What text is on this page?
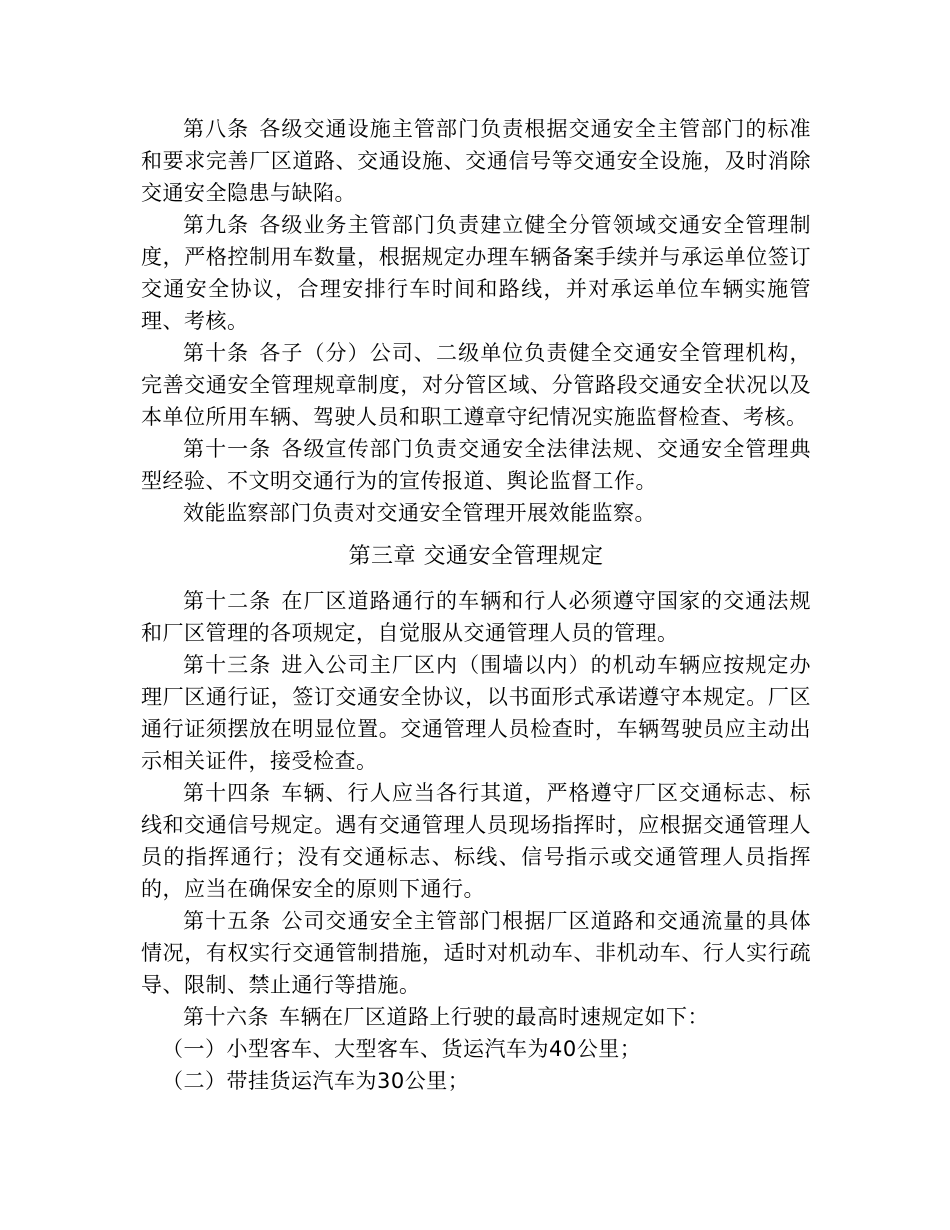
第八条 各级交通设施主管部门负责根据交通安全主管部门的标准和要求完善厂区道路、交通设施、交通信号等交通安全设施，及时消除交通安全隐患与缺陷。

第九条 各级业务主管部门负责建立健全分管领域交通安全管理制度，严格控制用车数量，根据规定办理车辆备案手续并与承运单位签订交通安全协议，合理安排行车时间和路线，并对承运单位车辆实施管理、考核。

第十条 各子（分）公司、二级单位负责健全交通安全管理机构，完善交通安全管理规章制度，对分管区域、分管路段交通安全状况以及本单位所用车辆、驾驶人员和职工遵章守纪情况实施监督检查、考核。

第十一条 各级宣传部门负责交通安全法律法规、交通安全管理典型经验、不文明交通行为的宣传报道、舆论监督工作。

效能监察部门负责对交通安全管理开展效能监察。

第三章 交通安全管理规定

第十二条 在厂区道路通行的车辆和行人必须遵守国家的交通法规和厂区管理的各项规定，自觉服从交通管理人员的管理。

第十三条 进入公司主厂区内（围墙以内）的机动车辆应按规定办理厂区通行证，签订交通安全协议，以书面形式承诺遵守本规定。厂区通行证须摆放在明显位置。交通管理人员检查时，车辆驾驶员应主动出示相关证件，接受检查。

第十四条 车辆、行人应当各行其道，严格遵守厂区交通标志、标线和交通信号规定。遇有交通管理人员现场指挥时，应根据交通管理人员的指挥通行；没有交通标志、标线、信号指示或交通管理人员指挥的，应当在确保安全的原则下通行。

第十五条 公司交通安全主管部门根据厂区道路和交通流量的具体情况，有权实行交通管制措施，适时对机动车、非机动车、行人实行疏导、限制、禁止通行等措施。

第十六条 车辆在厂区道路上行驶的最高时速规定如下：

（一）小型客车、大型客车、货运汽车为40公里；

（二）带挂货运汽车为30公里；
